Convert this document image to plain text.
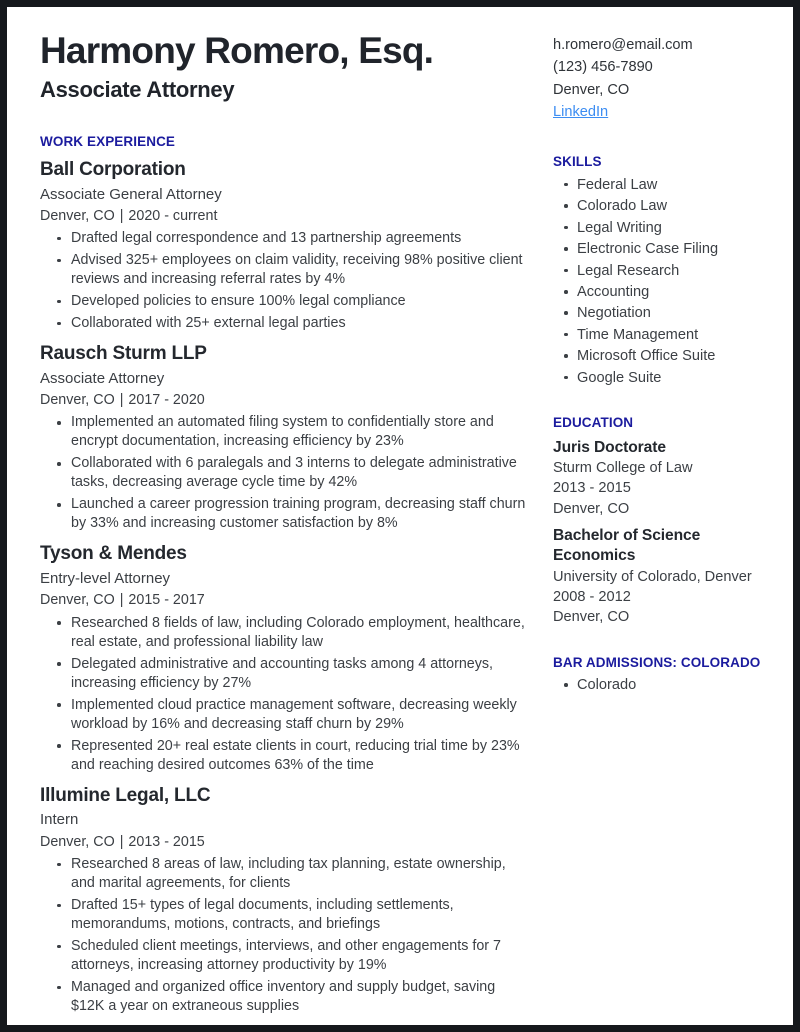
Harmony Romero, Esq.
Associate Attorney
WORK EXPERIENCE
Ball Corporation
Associate General Attorney
Denver, CO | 2020 - current
Drafted legal correspondence and 13 partnership agreements
Advised 325+ employees on claim validity, receiving 98% positive client reviews and increasing referral rates by 4%
Developed policies to ensure 100% legal compliance
Collaborated with 25+ external legal parties
Rausch Sturm LLP
Associate Attorney
Denver, CO | 2017 - 2020
Implemented an automated filing system to confidentially store and encrypt documentation, increasing efficiency by 23%
Collaborated with 6 paralegals and 3 interns to delegate administrative tasks, decreasing average cycle time by 42%
Launched a career progression training program, decreasing staff churn by 33% and increasing customer satisfaction by 8%
Tyson & Mendes
Entry-level Attorney
Denver, CO | 2015 - 2017
Researched 8 fields of law, including Colorado employment, healthcare, real estate, and professional liability law
Delegated administrative and accounting tasks among 4 attorneys, increasing efficiency by 27%
Implemented cloud practice management software, decreasing weekly workload by 16% and decreasing staff churn by 29%
Represented 20+ real estate clients in court, reducing trial time by 23% and reaching desired outcomes 63% of the time
Illumine Legal, LLC
Intern
Denver, CO | 2013 - 2015
Researched 8 areas of law, including tax planning, estate ownership, and marital agreements, for clients
Drafted 15+ types of legal documents, including settlements, memorandums, motions, contracts, and briefings
Scheduled client meetings, interviews, and other engagements for 7 attorneys, increasing attorney productivity by 19%
Managed and organized office inventory and supply budget, saving $12K a year on extraneous supplies
h.romero@email.com
(123) 456-7890
Denver, CO
LinkedIn
SKILLS
Federal Law
Colorado Law
Legal Writing
Electronic Case Filing
Legal Research
Accounting
Negotiation
Time Management
Microsoft Office Suite
Google Suite
EDUCATION
Juris Doctorate
Sturm College of Law
2013 - 2015
Denver, CO
Bachelor of Science Economics
University of Colorado, Denver
2008 - 2012
Denver, CO
BAR ADMISSIONS: COLORADO
Colorado
